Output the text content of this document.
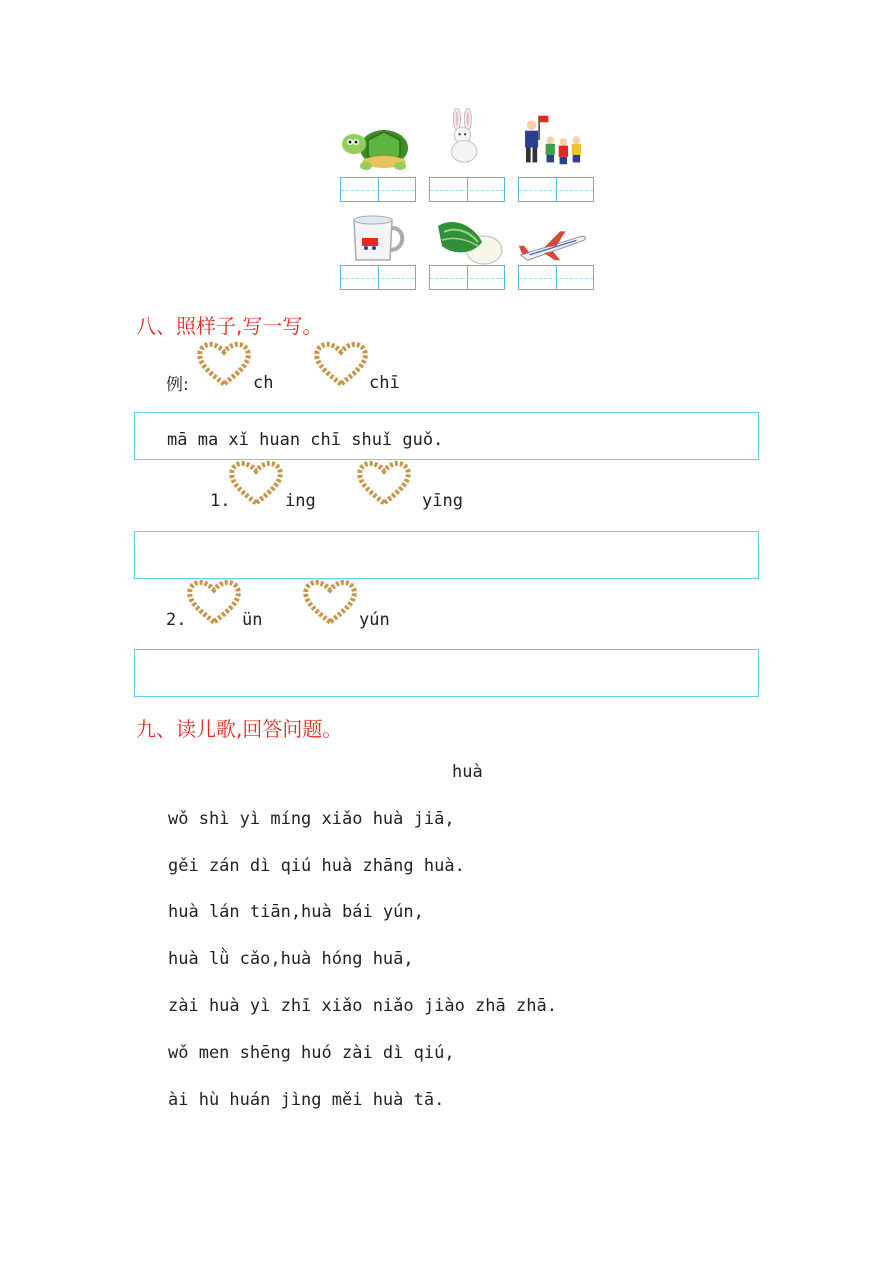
八、照样子,写一写。
例:	ch	chī
mā ma xǐ huan chī shuǐ guǒ.
1.	ing	yīng
2.	ün	yún
九、读儿歌,回答问题。
huà
wǒ shì yì míng xiǎo huà jiā,
gěi zán dì qiú huà zhāng huà.
huà lán tiān,huà bái yún,
huà lǜ cǎo,huà hóng huā,
zài huà yì zhī xiǎo niǎo jiào zhā zhā.
wǒ men shēng huó zài dì qiú,
ài hù huán jìng měi huà tā.
